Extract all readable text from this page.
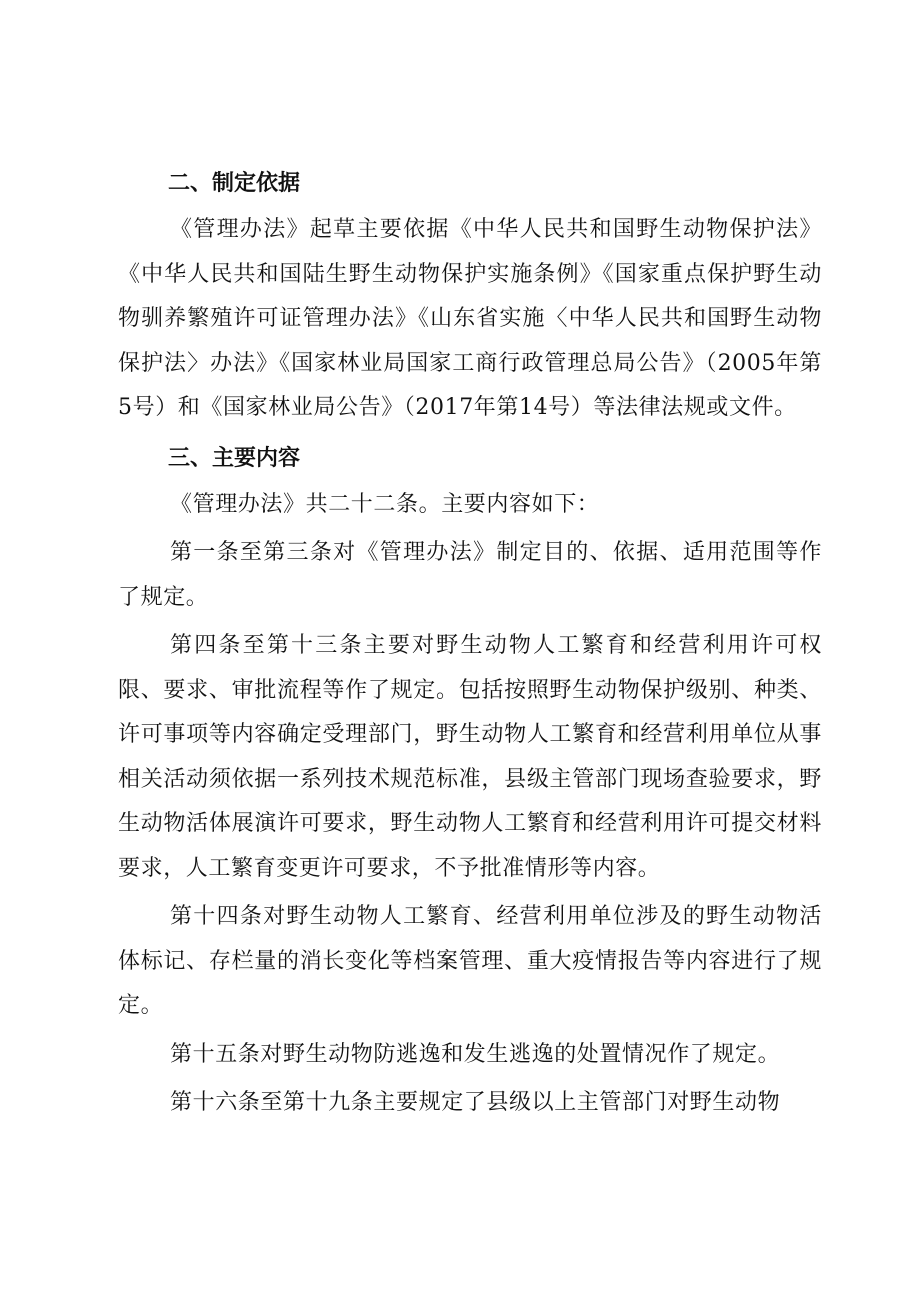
二、制定依据

《管理办法》起草主要依据《中华人民共和国野生动物保护法》《中华人民共和国陆生野生动物保护实施条例》《国家重点保护野生动物驯养繁殖许可证管理办法》《山东省实施〈中华人民共和国野生动物保护法〉办法》《国家林业局国家工商行政管理总局公告》（2005年第5号）和《国家林业局公告》（2017年第14号）等法律法规或文件。

三、主要内容

《管理办法》共二十二条。主要内容如下：

第一条至第三条对《管理办法》制定目的、依据、适用范围等作了规定。

第四条至第十三条主要对野生动物人工繁育和经营利用许可权限、要求、审批流程等作了规定。包括按照野生动物保护级别、种类、许可事项等内容确定受理部门，野生动物人工繁育和经营利用单位从事相关活动须依据一系列技术规范标准，县级主管部门现场查验要求，野生动物活体展演许可要求，野生动物人工繁育和经营利用许可提交材料要求，人工繁育变更许可要求，不予批准情形等内容。

第十四条对野生动物人工繁育、经营利用单位涉及的野生动物活体标记、存栏量的消长变化等档案管理、重大疫情报告等内容进行了规定。

第十五条对野生动物防逃逸和发生逃逸的处置情况作了规定。

第十六条至第十九条主要规定了县级以上主管部门对野生动物
